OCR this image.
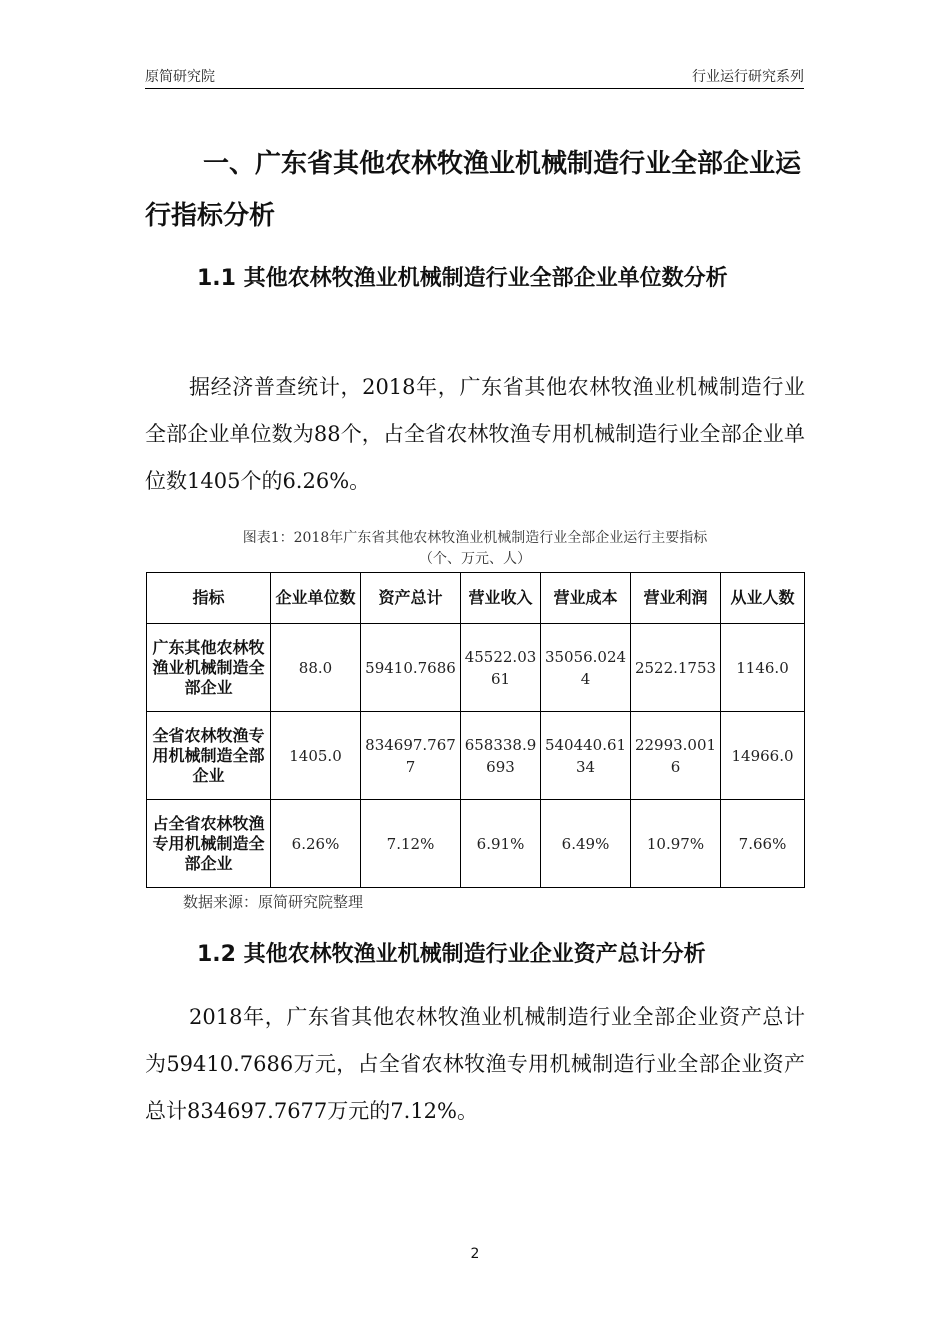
原简研究院	行业运行研究系列
一、广东省其他农林牧渔业机械制造行业全部企业运行指标分析
1.1 其他农林牧渔业机械制造行业全部企业单位数分析
据经济普查统计，2018年，广东省其他农林牧渔业机械制造行业全部企业单位数为88个，占全省农林牧渔专用机械制造行业全部企业单位数1405个的6.26%。
图表1：2018年广东省其他农林牧渔业机械制造行业全部企业运行主要指标
（个、万元、人）
指标	企业单位数	资产总计	营业收入	营业成本	营业利润	从业人数
广东其他农林牧渔业机械制造全部企业	88.0	59410.7686	45522.0361	35056.0244	2522.1753	1146.0
全省农林牧渔专用机械制造全部企业	1405.0	834697.7677	658338.9693	540440.6134	22993.0016	14966.0
占全省农林牧渔专用机械制造全部企业	6.26%	7.12%	6.91%	6.49%	10.97%	7.66%
数据来源：原简研究院整理
1.2 其他农林牧渔业机械制造行业企业资产总计分析
2018年，广东省其他农林牧渔业机械制造行业全部企业资产总计为59410.7686万元，占全省农林牧渔专用机械制造行业全部企业资产总计834697.7677万元的7.12%。
2
